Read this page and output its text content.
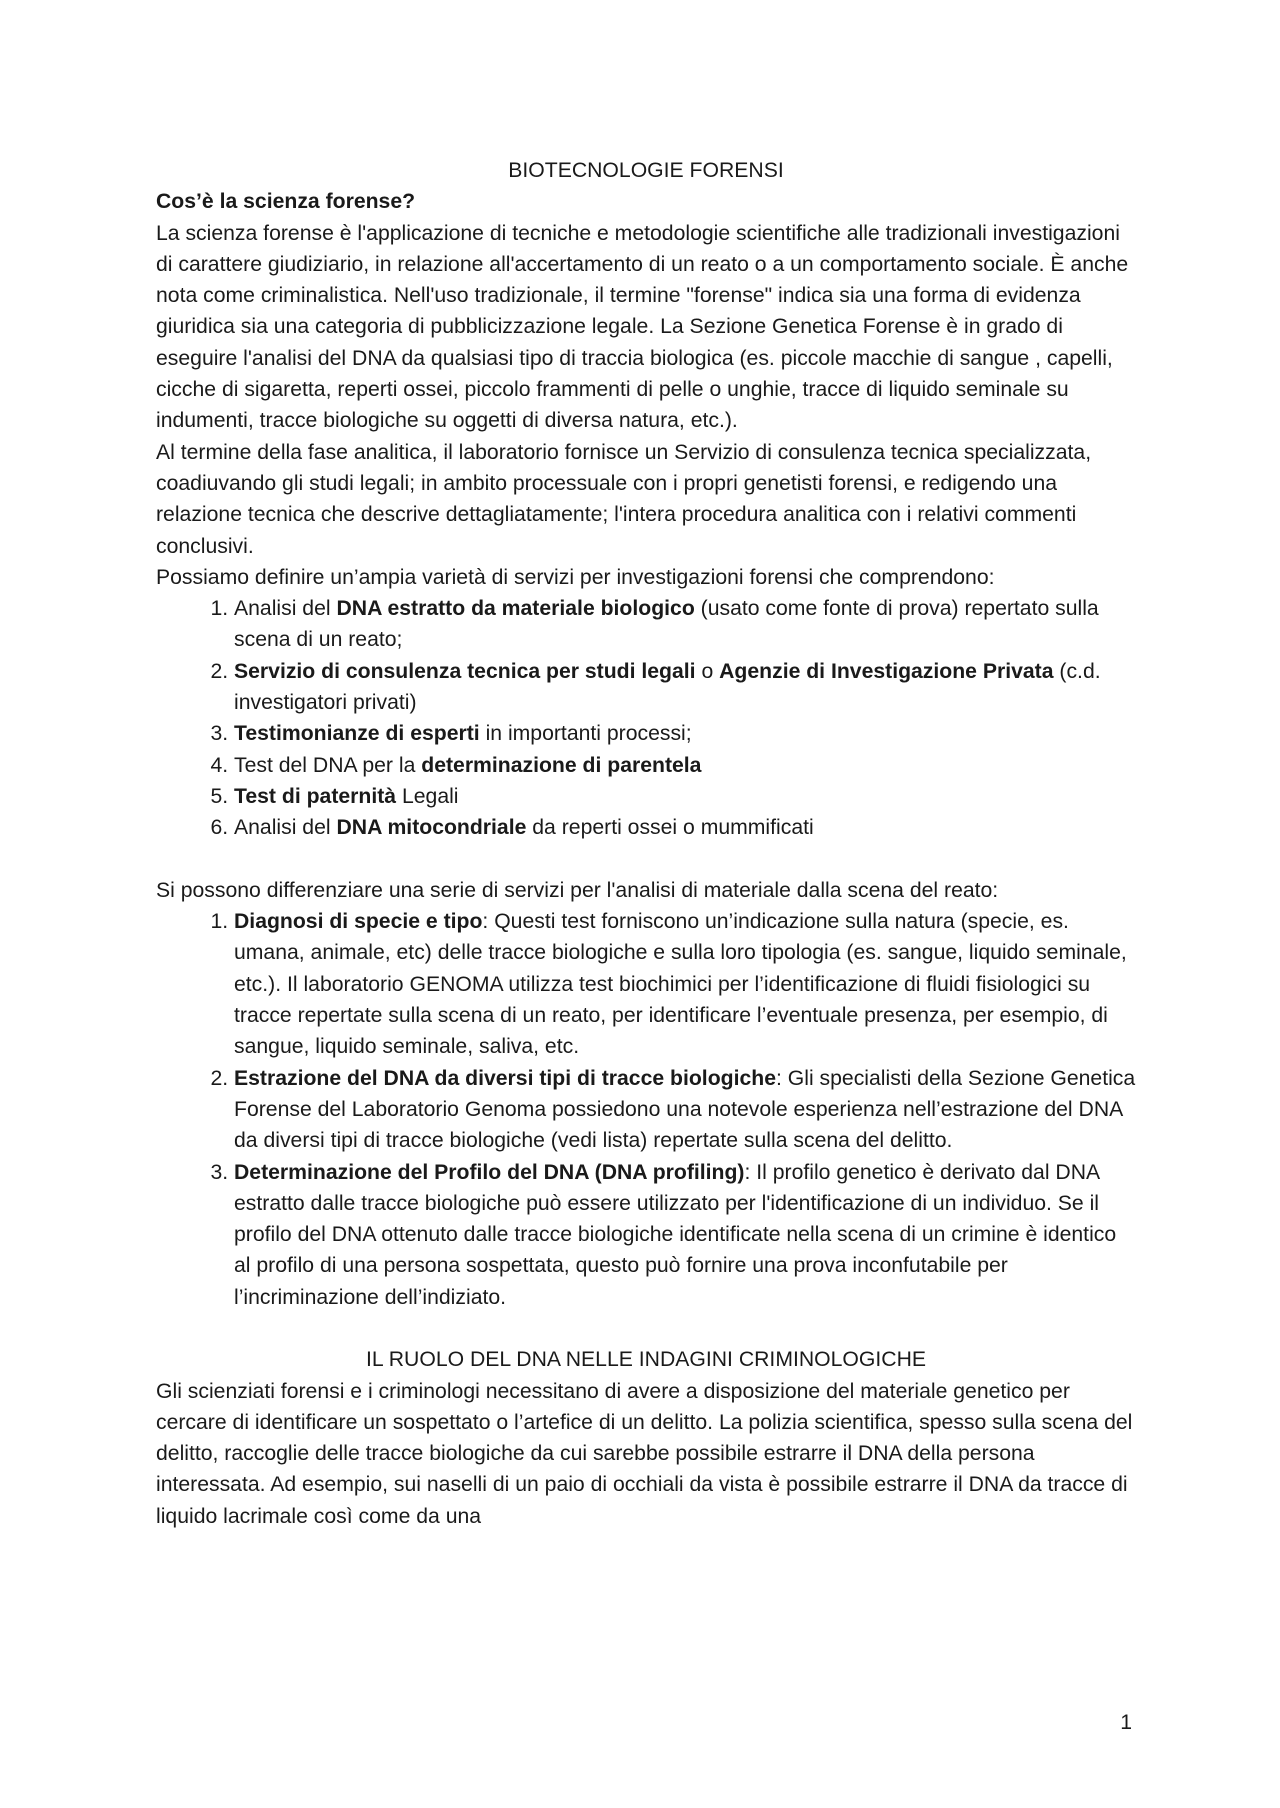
BIOTECNOLOGIE FORENSI

Cos’è la scienza forense?

La scienza forense è l'applicazione di tecniche e metodologie scientifiche alle tradizionali investigazioni di carattere giudiziario, in relazione all'accertamento di un reato o a un comportamento sociale. È anche nota come criminalistica. Nell'uso tradizionale, il termine "forense" indica sia una forma di evidenza giuridica sia una categoria di pubblicizzazione legale. La Sezione Genetica Forense è in grado di eseguire l'analisi del DNA da qualsiasi tipo di traccia biologica (es. piccole macchie di sangue , capelli, cicche di sigaretta, reperti ossei, piccolo frammenti di pelle o unghie, tracce di liquido seminale su indumenti, tracce biologiche su oggetti di diversa natura, etc.).

Al termine della fase analitica, il laboratorio fornisce un Servizio di consulenza tecnica specializzata, coadiuvando gli studi legali; in ambito processuale con i propri genetisti forensi, e redigendo una relazione tecnica che descrive dettagliatamente; l'intera procedura analitica con i relativi commenti conclusivi.

Possiamo definire un’ampia varietà di servizi per investigazioni forensi che comprendono:

1. Analisi del DNA estratto da materiale biologico (usato come fonte di prova) repertato sulla scena di un reato;
2. Servizio di consulenza tecnica per studi legali o Agenzie di Investigazione Privata (c.d. investigatori privati)
3. Testimonianze di esperti in importanti processi;
4. Test del DNA per la determinazione di parentela
5. Test di paternità Legali
6. Analisi del DNA mitocondriale da reperti ossei o mummificati

Si possono differenziare una serie di servizi per l'analisi di materiale dalla scena del reato:

1. Diagnosi di specie e tipo: Questi test forniscono un’indicazione sulla natura (specie, es. umana, animale, etc) delle tracce biologiche e sulla loro tipologia (es. sangue, liquido seminale, etc.). Il laboratorio GENOMA utilizza test biochimici per l’identificazione di fluidi fisiologici su tracce repertate sulla scena di un reato, per identificare l’eventuale presenza, per esempio, di sangue, liquido seminale, saliva, etc.
2. Estrazione del DNA da diversi tipi di tracce biologiche: Gli specialisti della Sezione Genetica Forense del Laboratorio Genoma possiedono una notevole esperienza nell’estrazione del DNA da diversi tipi di tracce biologiche (vedi lista) repertate sulla scena del delitto.
3. Determinazione del Profilo del DNA (DNA profiling): Il profilo genetico è derivato dal DNA estratto dalle tracce biologiche può essere utilizzato per l'identificazione di un individuo. Se il profilo del DNA ottenuto dalle tracce biologiche identificate nella scena di un crimine è identico al profilo di una persona sospettata, questo può fornire una prova inconfutabile per l’incriminazione dell’indiziato.

IL RUOLO DEL DNA NELLE INDAGINI CRIMINOLOGICHE

Gli scienziati forensi e i criminologi necessitano di avere a disposizione del materiale genetico per cercare di identificare un sospettato o l’artefice di un delitto. La polizia scientifica, spesso sulla scena del delitto, raccoglie delle tracce biologiche da cui sarebbe possibile estrarre il DNA della persona interessata. Ad esempio, sui naselli di un paio di occhiali da vista è possibile estrarre il DNA da tracce di liquido lacrimale così come da una

1
